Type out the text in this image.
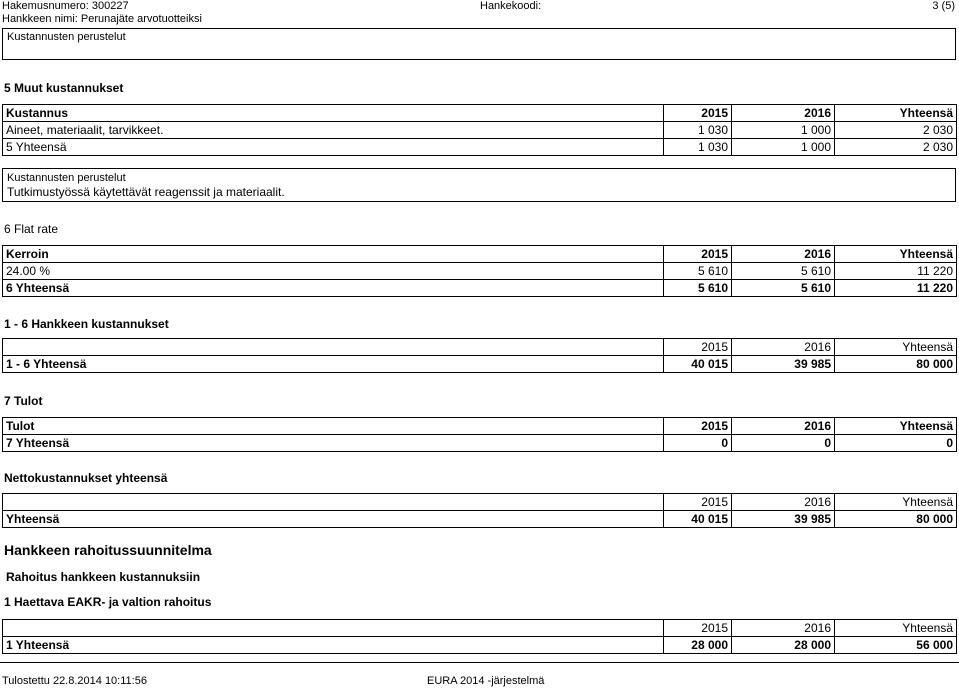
Hakemusnumero: 300227
Hankkeen nimi: Perunajäte arvotuotteiksi
Hankekoodi:	3 (5)
Kustannusten perustelut
5 Muut kustannukset
Kustannus	2015	2016	Yhteensä
Aineet, materiaalit, tarvikkeet.	1 030	1 000	2 030
5 Yhteensä	1 030	1 000	2 030
Kustannusten perustelut
Tutkimustyössä käytettävät reagenssit ja materiaalit.
6 Flat rate
Kerroin	2015	2016	Yhteensä
24.00 %	5 610	5 610	11 220
6 Yhteensä	5 610	5 610	11 220
1 - 6 Hankkeen kustannukset
	2015	2016	Yhteensä
1 - 6 Yhteensä	40 015	39 985	80 000
7 Tulot
Tulot	2015	2016	Yhteensä
7 Yhteensä	0	0	0
Nettokustannukset yhteensä
	2015	2016	Yhteensä
Yhteensä	40 015	39 985	80 000
Hankkeen rahoitussuunnitelma
Rahoitus hankkeen kustannuksiin
1 Haettava EAKR- ja valtion rahoitus
	2015	2016	Yhteensä
1 Yhteensä	28 000	28 000	56 000
Tulostettu 22.8.2014 10:11:56	EURA 2014 -järjestelmä
